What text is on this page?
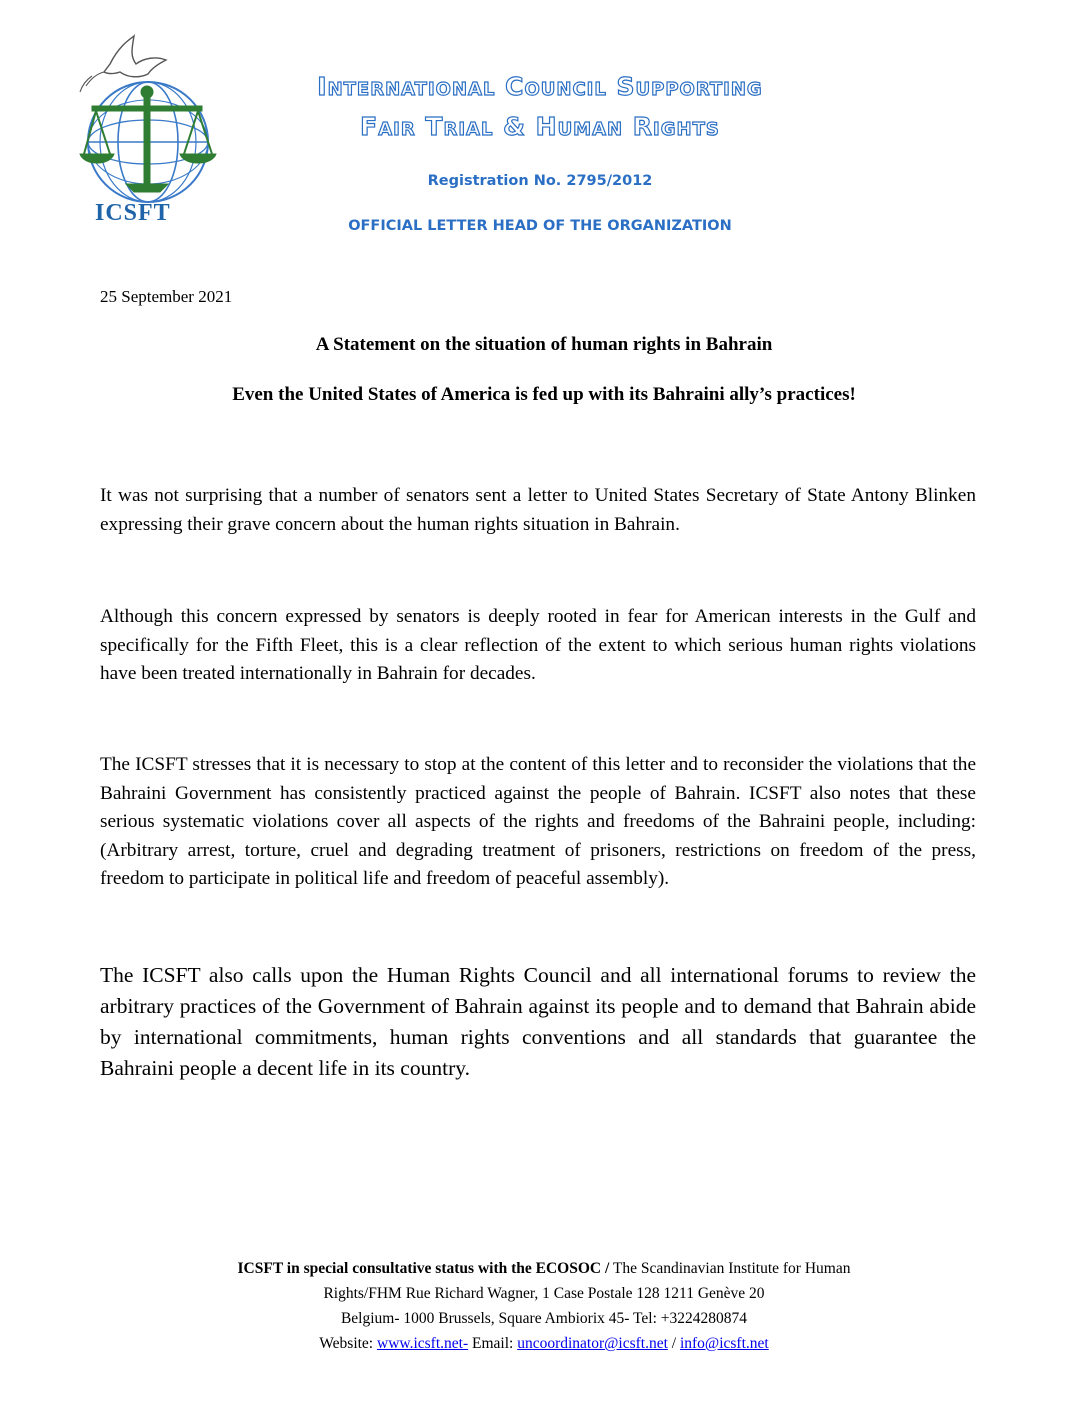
ICSFT
International Council Supporting
Fair Trial & Human Rights
Registration No. 2795/2012
OFFICIAL LETTER HEAD OF THE ORGANIZATION
25 September 2021
A Statement on the situation of human rights in Bahrain
Even the United States of America is fed up with its Bahraini ally’s practices!
It was not surprising that a number of senators sent a letter to United States Secretary of State Antony Blinken expressing their grave concern about the human rights situation in Bahrain.
Although this concern expressed by senators is deeply rooted in fear for American interests in the Gulf and specifically for the Fifth Fleet, this is a clear reflection of the extent to which serious human rights violations have been treated internationally in Bahrain for decades.
The ICSFT stresses that it is necessary to stop at the content of this letter and to reconsider the violations that the Bahraini Government has consistently practiced against the people of Bahrain. ICSFT also notes that these serious systematic violations cover all aspects of the rights and freedoms of the Bahraini people, including: (Arbitrary arrest, torture, cruel and degrading treatment of prisoners, restrictions on freedom of the press, freedom to participate in political life and freedom of peaceful assembly).
The ICSFT also calls upon the Human Rights Council and all international forums to review the arbitrary practices of the Government of Bahrain against its people and to demand that Bahrain abide by international commitments, human rights conventions and all standards that guarantee the Bahraini people a decent life in its country.
ICSFT in special consultative status with the ECOSOC / The Scandinavian Institute for Human
Rights/FHM Rue Richard Wagner, 1 Case Postale 128 1211 Genève 20
Belgium- 1000 Brussels, Square Ambiorix 45- Tel: +3224280874
Website: www.icsft.net- Email: uncoordinator@icsft.net / info@icsft.net
